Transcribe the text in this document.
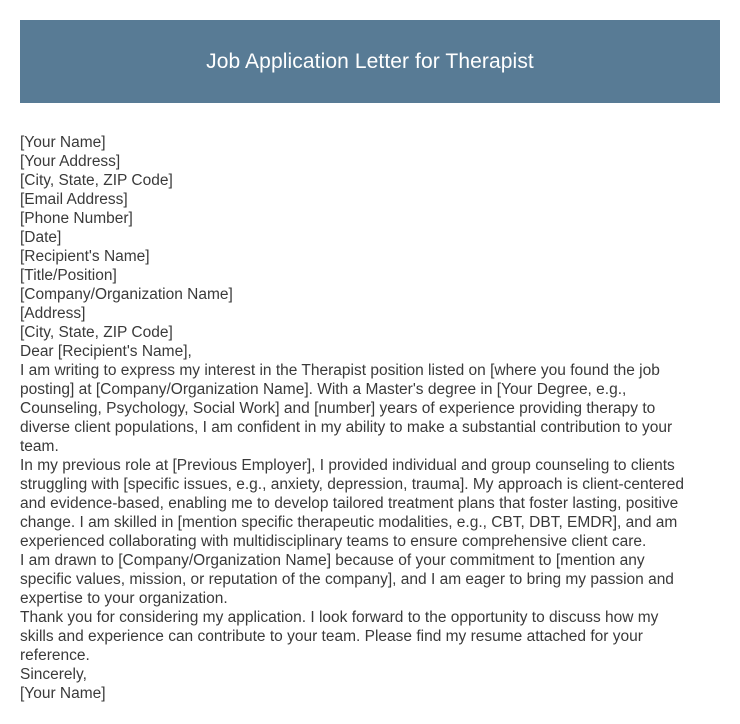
Job Application Letter for Therapist
[Your Name]
[Your Address]
[City, State, ZIP Code]
[Email Address]
[Phone Number]
[Date]
[Recipient's Name]
[Title/Position]
[Company/Organization Name]
[Address]
[City, State, ZIP Code]
Dear [Recipient's Name],
I am writing to express my interest in the Therapist position listed on [where you found the job
posting] at [Company/Organization Name]. With a Master's degree in [Your Degree, e.g.,
Counseling, Psychology, Social Work] and [number] years of experience providing therapy to
diverse client populations, I am confident in my ability to make a substantial contribution to your
team.
In my previous role at [Previous Employer], I provided individual and group counseling to clients
struggling with [specific issues, e.g., anxiety, depression, trauma]. My approach is client-centered
and evidence-based, enabling me to develop tailored treatment plans that foster lasting, positive
change. I am skilled in [mention specific therapeutic modalities, e.g., CBT, DBT, EMDR], and am
experienced collaborating with multidisciplinary teams to ensure comprehensive client care.
I am drawn to [Company/Organization Name] because of your commitment to [mention any
specific values, mission, or reputation of the company], and I am eager to bring my passion and
expertise to your organization.
Thank you for considering my application. I look forward to the opportunity to discuss how my
skills and experience can contribute to your team. Please find my resume attached for your
reference.
Sincerely,
[Your Name]
